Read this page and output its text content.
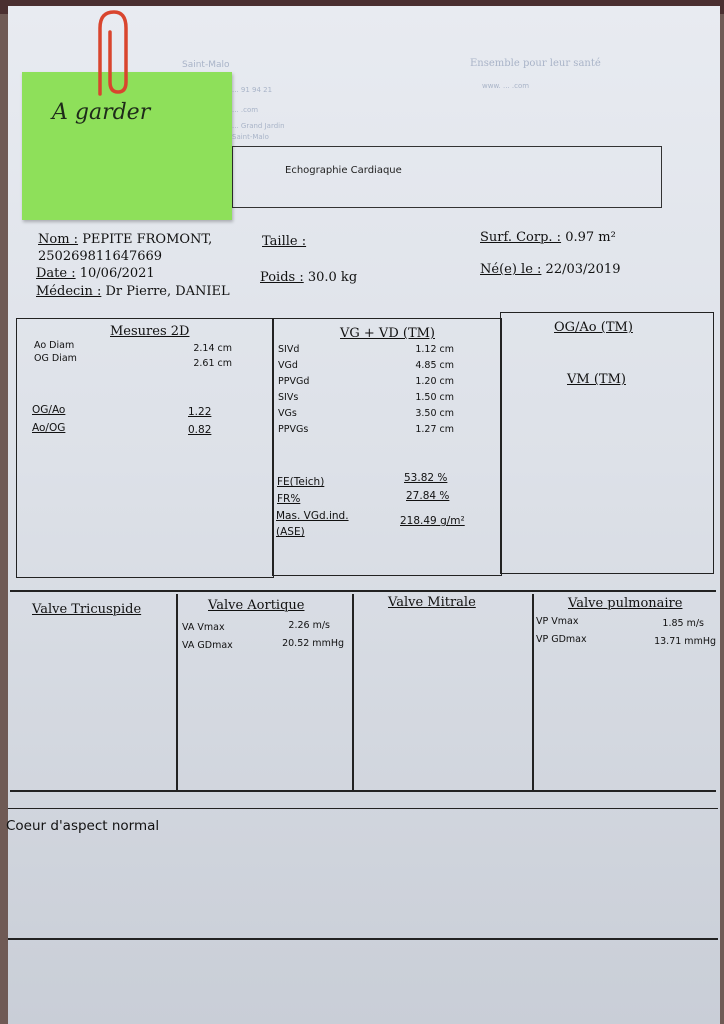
Saint-Malo
... 91 94 21
... .com
... Grand Jardin
Saint-Malo
Ensemble pour leur santé
www. ... .com
Echographie Cardiaque
A garder
Nom : PEPITE FROMONT,
250269811647669
Date : 10/06/2021
Médecin : Dr Pierre, DANIEL
Taille :
Poids : 30.0 kg
Surf. Corp. : 0.97 m²
Né(e) le : 22/03/2019
Mesures 2D
Ao Diam	2.14 cm
OG Diam	2.61 cm
OG/Ao	1.22
Ao/OG	0.82
VG + VD (TM)
SIVd	1.12 cm
VGd	4.85 cm
PPVGd	1.20 cm
SIVs	1.50 cm
VGs	3.50 cm
PPVGs	1.27 cm
FE(Teich)	53.82 %
FR%	27.84 %
Mas. VGd.ind.
(ASE)
218.49 g/m²
OG/Ao (TM)
VM (TM)
Valve Tricuspide	Valve Aortique
VA Vmax	2.26 m/s
VA GDmax	20.52 mmHg
Valve Mitrale	Valve pulmonaire
VP Vmax	1.85 m/s
VP GDmax	13.71 mmHg
Coeur d'aspect normal
